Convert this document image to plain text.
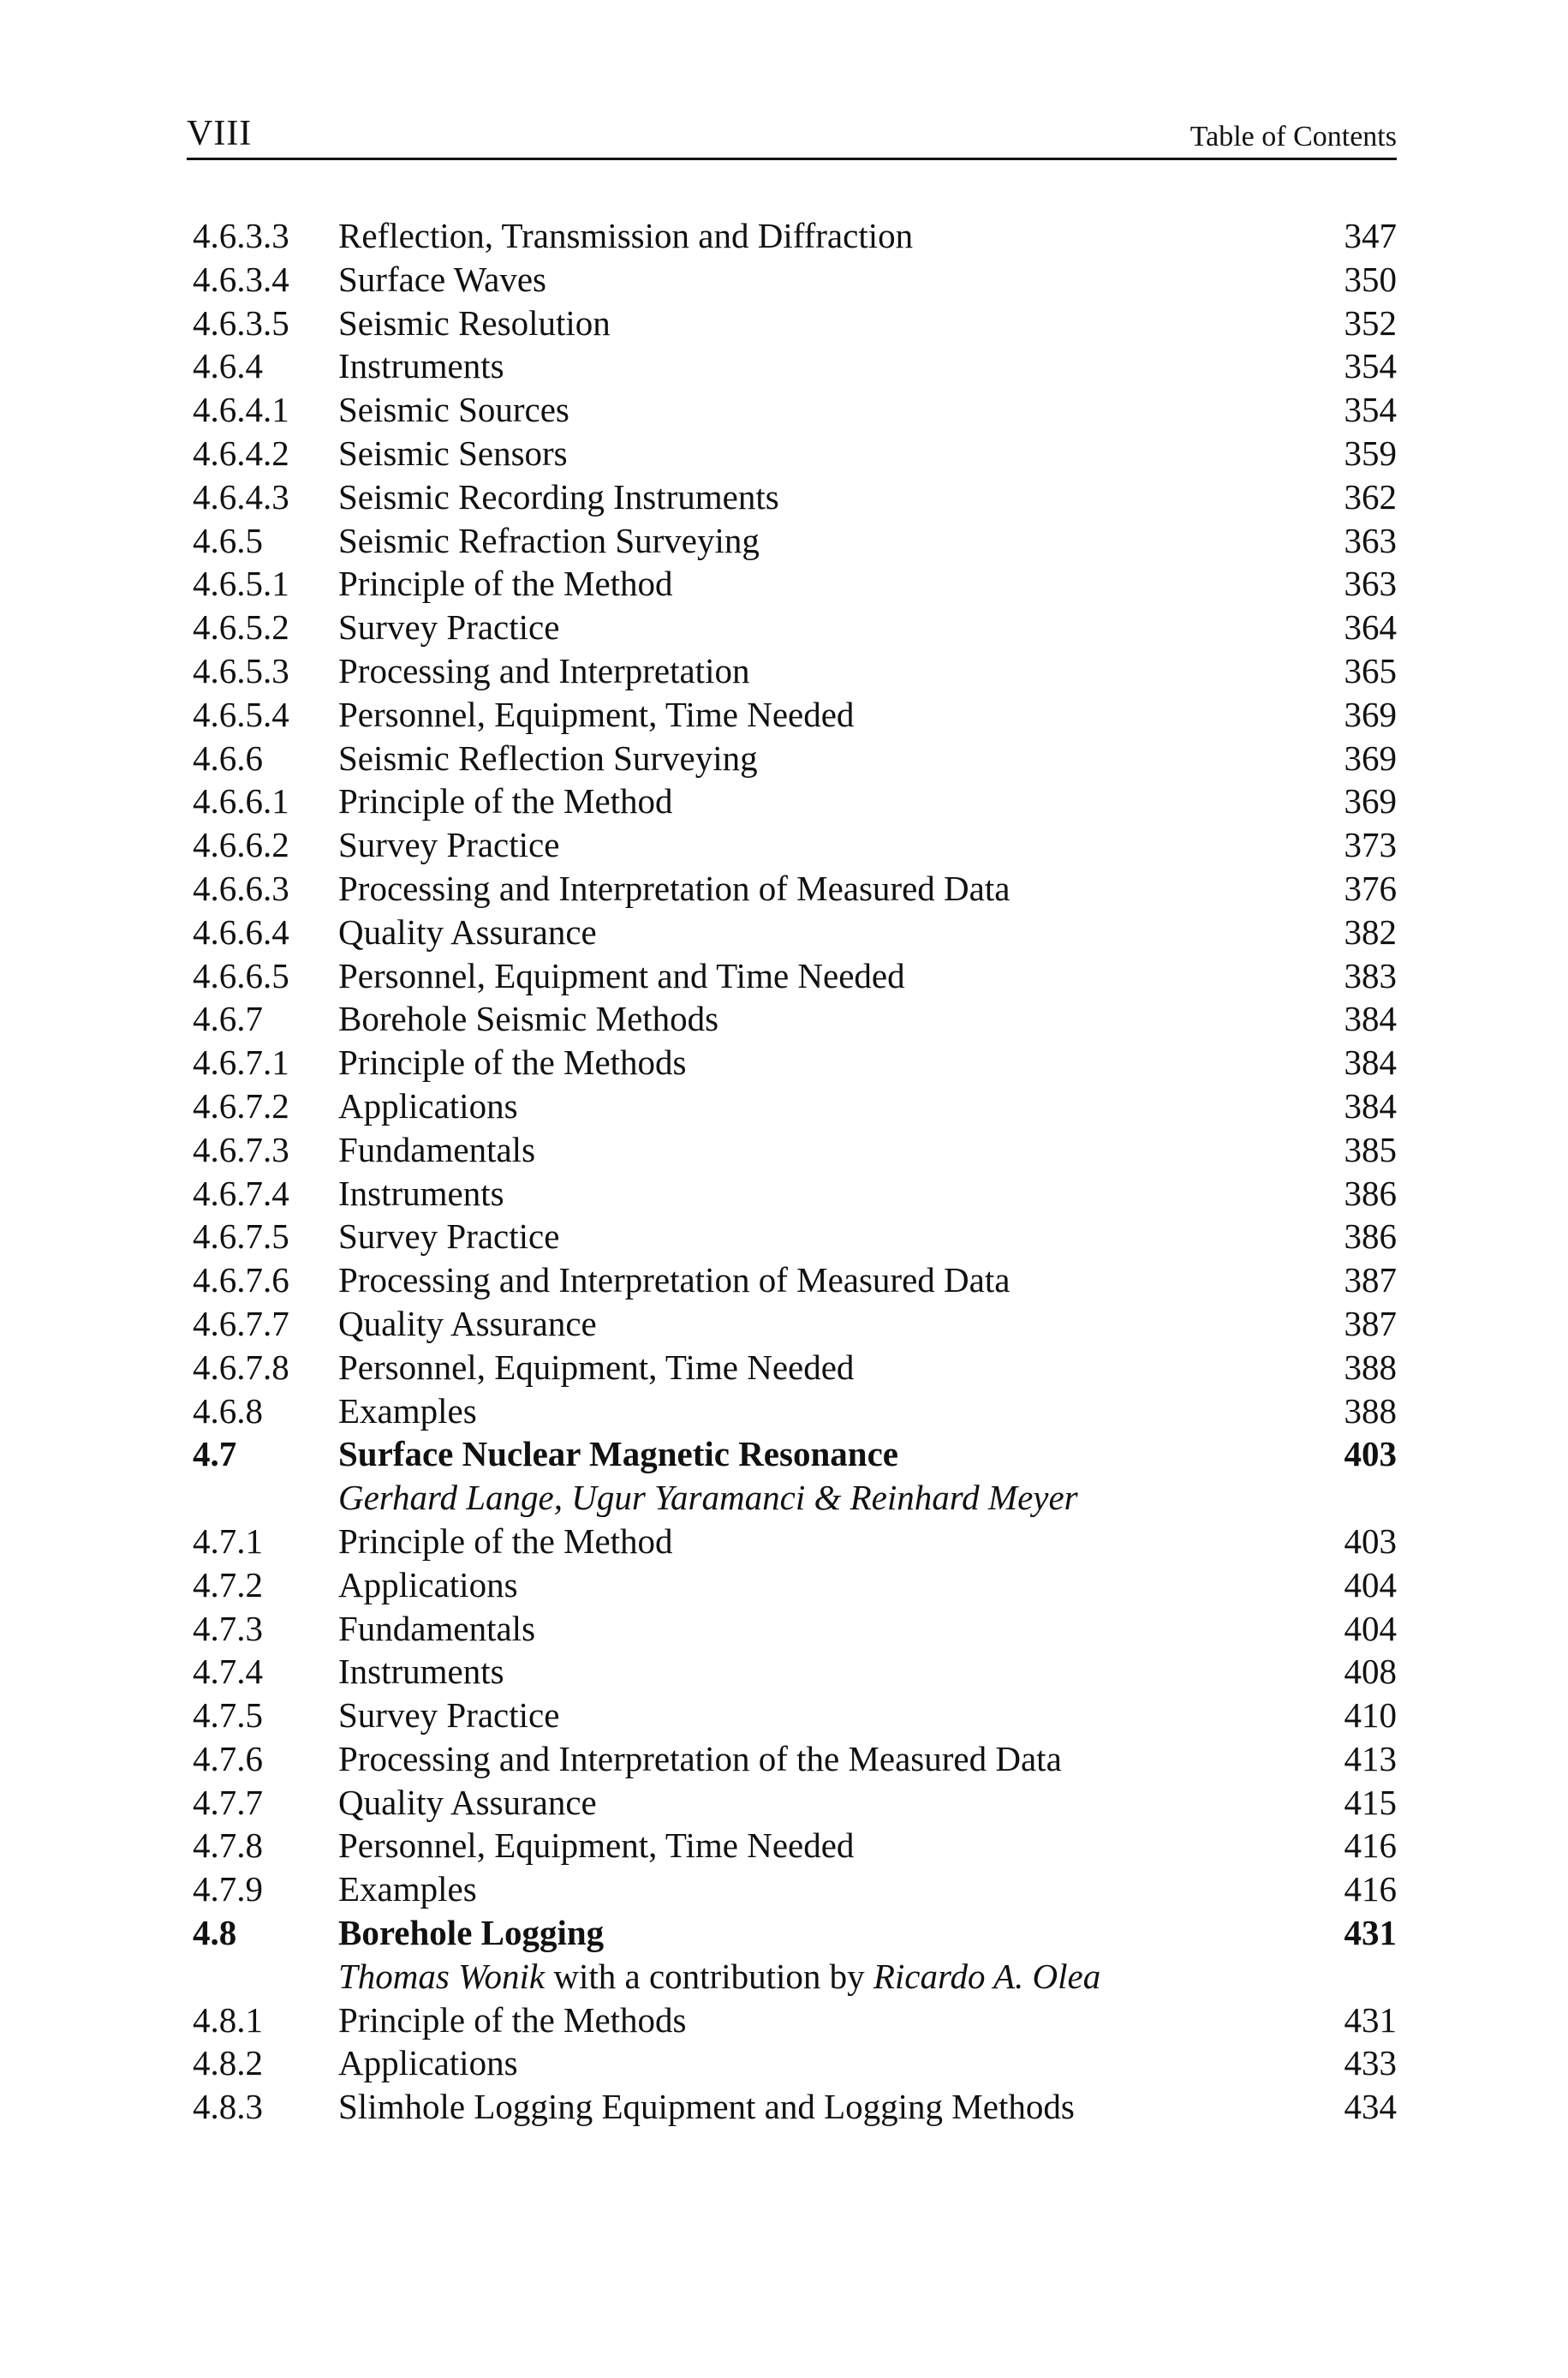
VIII	Table of Contents
4.6.3.3 Reflection, Transmission and Diffraction	347
4.6.3.4 Surface Waves	350
4.6.3.5 Seismic Resolution	352
4.6.4 Instruments	354
4.6.4.1 Seismic Sources	354
4.6.4.2 Seismic Sensors	359
4.6.4.3 Seismic Recording Instruments	362
4.6.5 Seismic Refraction Surveying	363
4.6.5.1 Principle of the Method	363
4.6.5.2 Survey Practice	364
4.6.5.3 Processing and Interpretation	365
4.6.5.4 Personnel, Equipment, Time Needed	369
4.6.6 Seismic Reflection Surveying	369
4.6.6.1 Principle of the Method	369
4.6.6.2 Survey Practice	373
4.6.6.3 Processing and Interpretation of Measured Data	376
4.6.6.4 Quality Assurance	382
4.6.6.5 Personnel, Equipment and Time Needed	383
4.6.7 Borehole Seismic Methods	384
4.6.7.1 Principle of the Methods	384
4.6.7.2 Applications	384
4.6.7.3 Fundamentals	385
4.6.7.4 Instruments	386
4.6.7.5 Survey Practice	386
4.6.7.6 Processing and Interpretation of Measured Data	387
4.6.7.7 Quality Assurance	387
4.6.7.8 Personnel, Equipment, Time Needed	388
4.6.8 Examples	388
4.7	Surface Nuclear Magnetic Resonance	403
Gerhard Lange, Ugur Yaramanci & Reinhard Meyer
4.7.1 Principle of the Method	403
4.7.2 Applications	404
4.7.3 Fundamentals	404
4.7.4 Instruments	408
4.7.5 Survey Practice	410
4.7.6 Processing and Interpretation of the Measured Data	413
4.7.7 Quality Assurance	415
4.7.8 Personnel, Equipment, Time Needed	416
4.7.9 Examples	416
4.8	Borehole Logging	431
Thomas Wonik with a contribution by Ricardo A. Olea
4.8.1 Principle of the Methods	431
4.8.2 Applications	433
4.8.3 Slimhole Logging Equipment and Logging Methods	434
